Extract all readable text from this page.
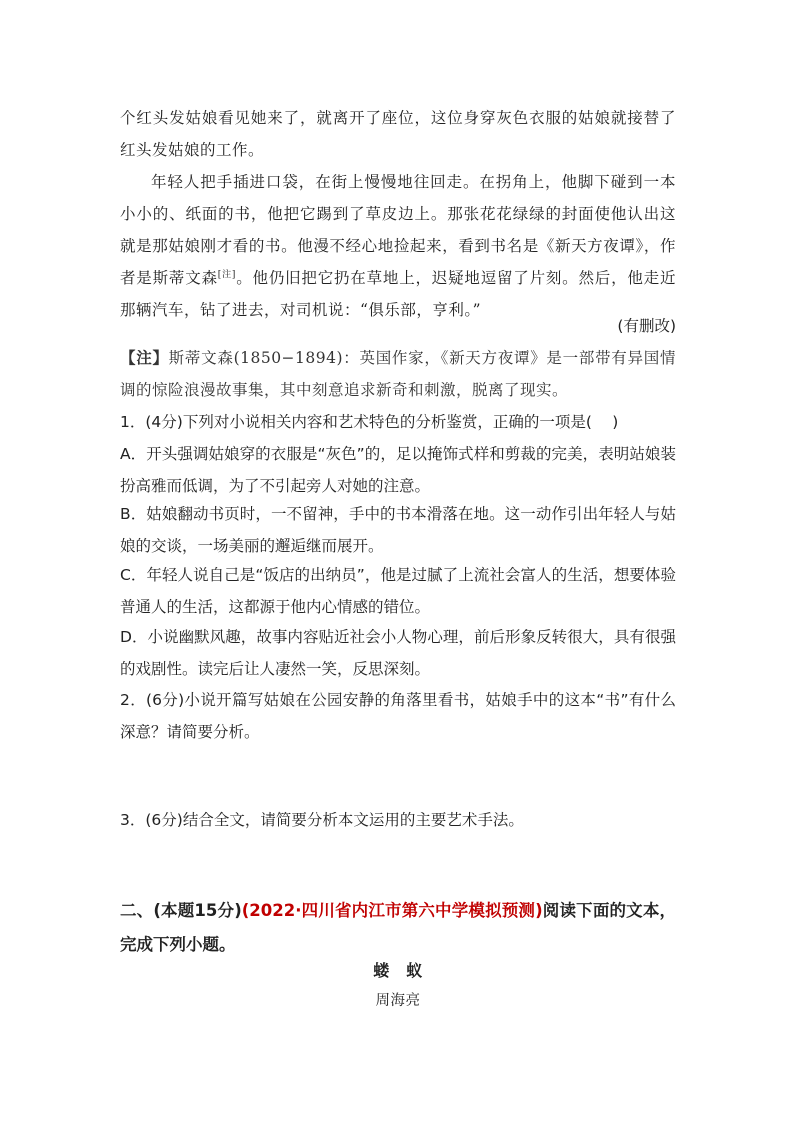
个红头发姑娘看见她来了，就离开了座位，这位身穿灰色衣服的姑娘就接替了红头发姑娘的工作。

年轻人把手插进口袋，在街上慢慢地往回走。在拐角上，他脚下碰到一本小小的、纸面的书，他把它踢到了草皮边上。那张花花绿绿的封面使他认出这就是那姑娘刚才看的书。他漫不经心地捡起来，看到书名是《新天方夜谭》，作者是斯蒂文森[注]。他仍旧把它扔在草地上，迟疑地逗留了片刻。然后，他走近那辆汽车，钻了进去，对司机说：“俱乐部，亨利。”

(有删改)

【注】斯蒂文森(1850−1894)：英国作家，《新天方夜谭》是一部带有异国情调的惊险浪漫故事集，其中刻意追求新奇和刺激，脱离了现实。

1．(4分)下列对小说相关内容和艺术特色的分析鉴赏，正确的一项是(　 )

A．开头强调姑娘穿的衣服是“灰色”的，足以掩饰式样和剪裁的完美，表明站娘装扮高雅而低调，为了不引起旁人对她的注意。

B．姑娘翻动书页时，一不留神，手中的书本滑落在地。这一动作引出年轻人与姑娘的交谈，一场美丽的邂逅继而展开。

C．年轻人说自己是“饭店的出纳员”，他是过腻了上流社会富人的生活，想要体验普通人的生活，这都源于他内心情感的错位。

D．小说幽默风趣，故事内容贴近社会小人物心理，前后形象反转很大，具有很强的戏剧性。读完后让人凄然一笑，反思深刻。

2．(6分)小说开篇写姑娘在公园安静的角落里看书，姑娘手中的这本“书”有什么深意？请简要分析。

3．(6分)结合全文，请简要分析本文运用的主要艺术手法。

二、(本题15分)(2022·四川省内江市第六中学模拟预测)阅读下面的文本，完成下列小题。

蝼　蚁

周海亮
